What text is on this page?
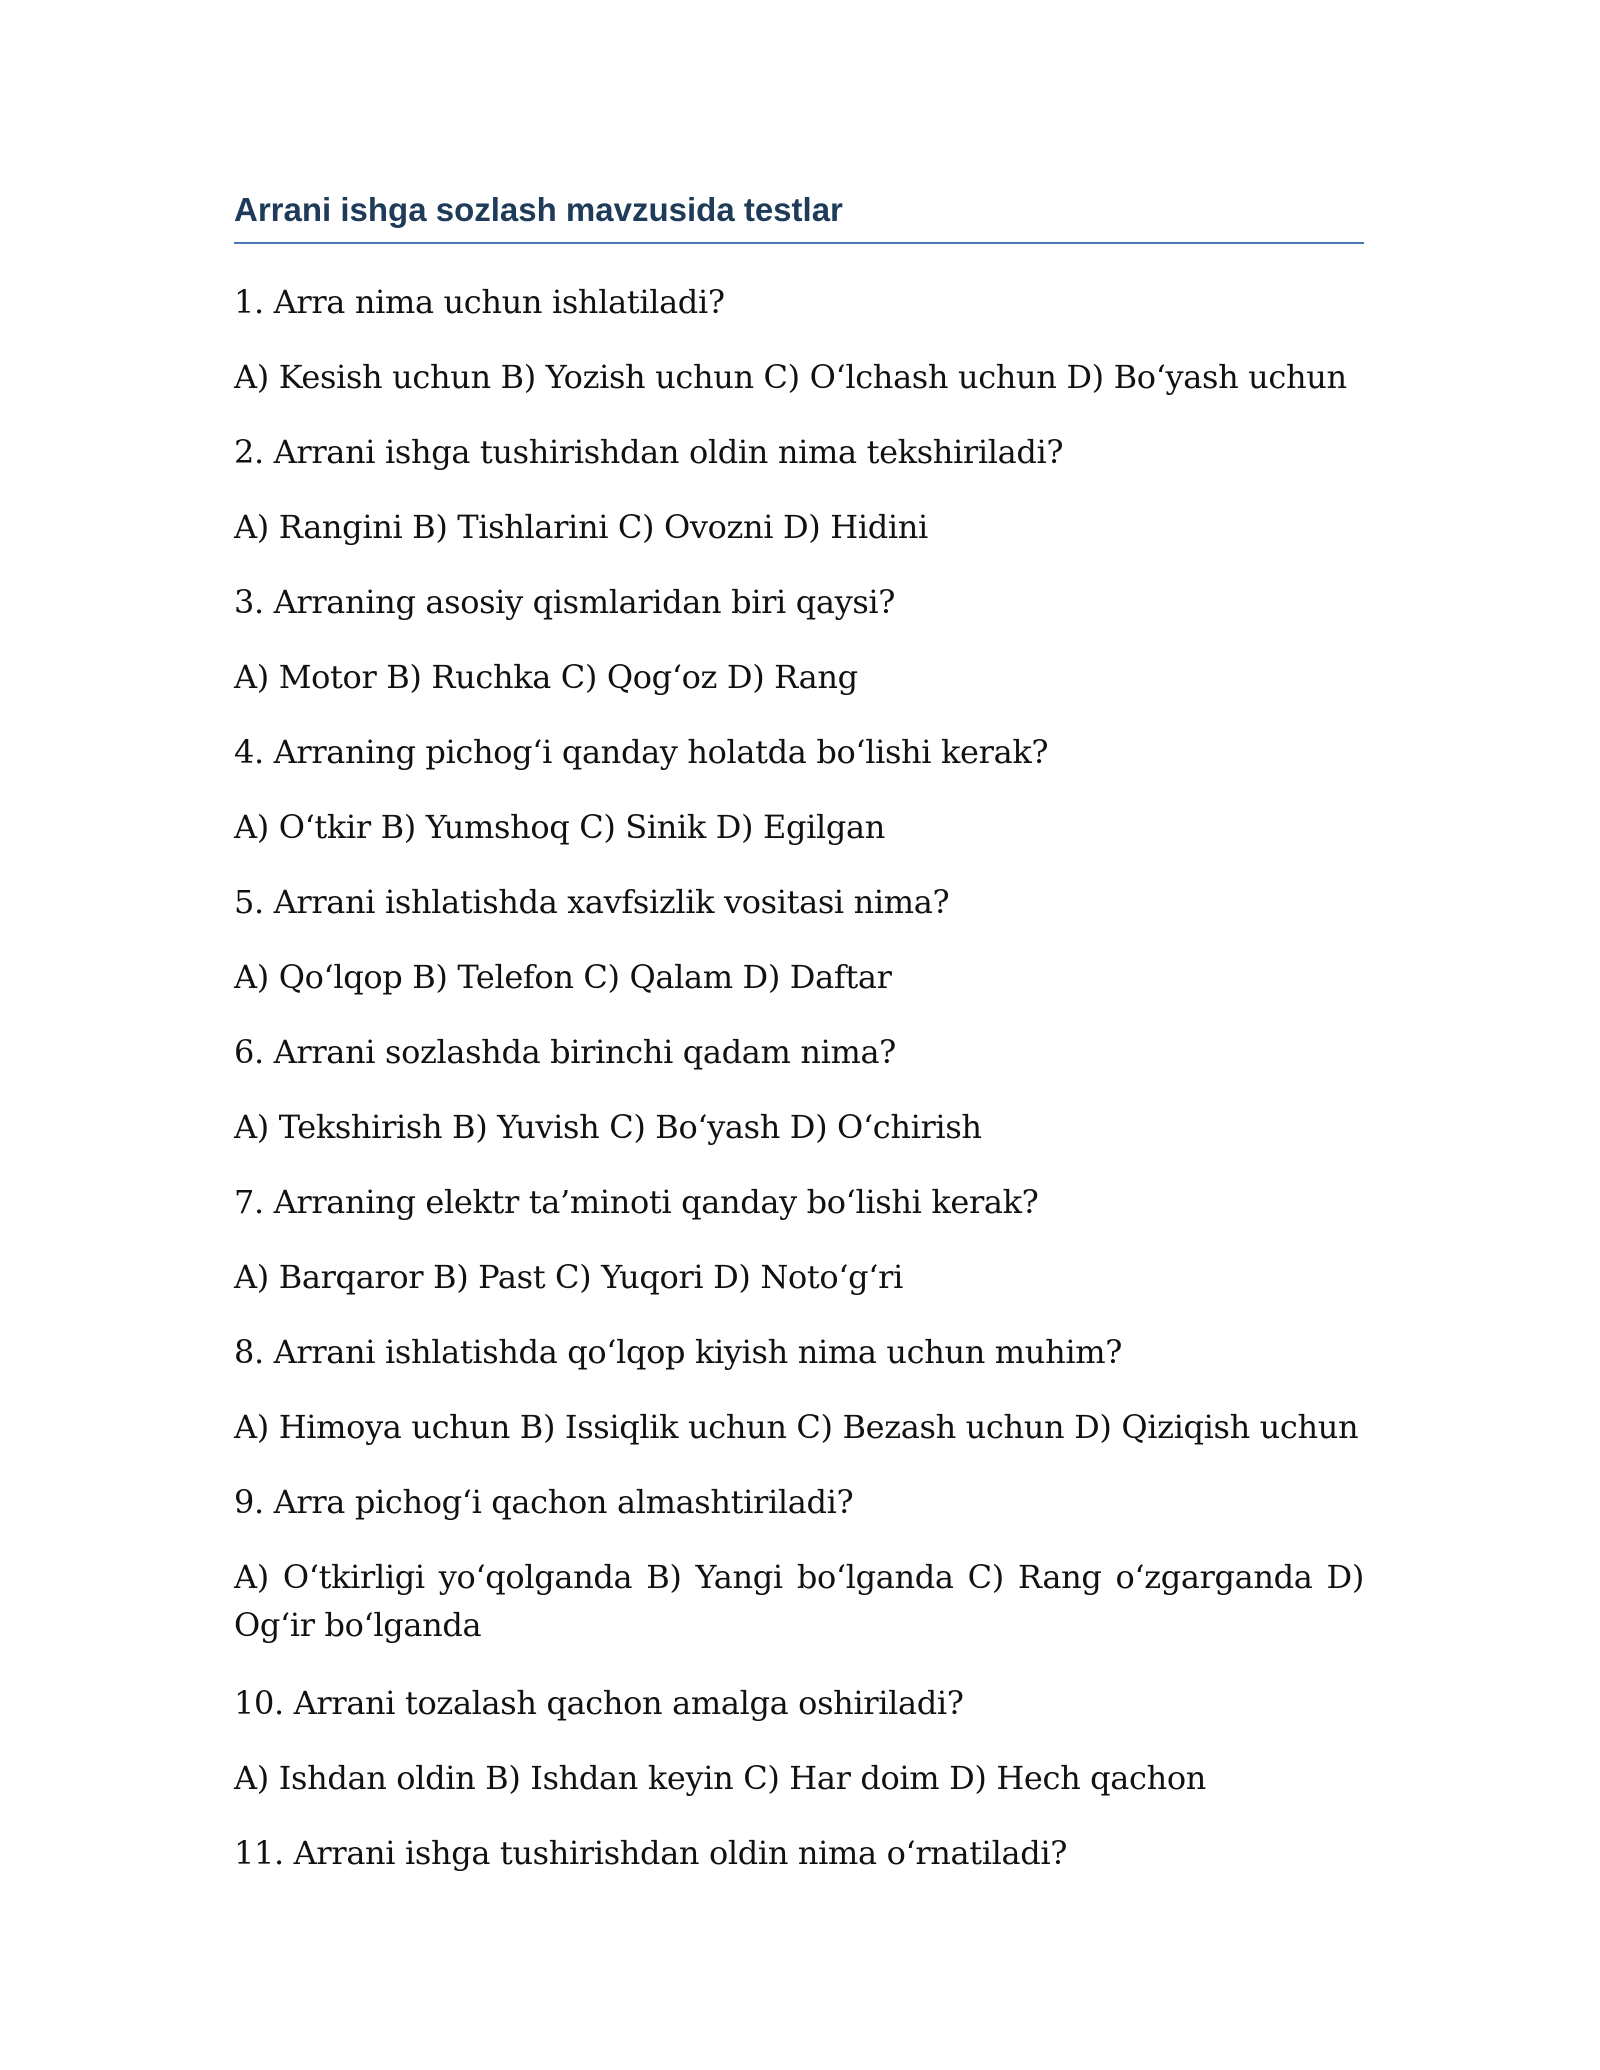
Arrani ishga sozlash mavzusida testlar

1. Arra nima uchun ishlatiladi?

A) Kesish uchun B) Yozish uchun C) O‘lchash uchun D) Bo‘yash uchun

2. Arrani ishga tushirishdan oldin nima tekshiriladi?

A) Rangini B) Tishlarini C) Ovozni D) Hidini

3. Arraning asosiy qismlaridan biri qaysi?

A) Motor B) Ruchka C) Qog‘oz D) Rang

4. Arraning pichog‘i qanday holatda bo‘lishi kerak?

A) O‘tkir B) Yumshoq C) Sinik D) Egilgan

5. Arrani ishlatishda xavfsizlik vositasi nima?

A) Qo‘lqop B) Telefon C) Qalam D) Daftar

6. Arrani sozlashda birinchi qadam nima?

A) Tekshirish B) Yuvish C) Bo‘yash D) O‘chirish

7. Arraning elektr ta’minoti qanday bo‘lishi kerak?

A) Barqaror B) Past C) Yuqori D) Noto‘g‘ri

8. Arrani ishlatishda qo‘lqop kiyish nima uchun muhim?

A) Himoya uchun B) Issiqlik uchun C) Bezash uchun D) Qiziqish uchun

9. Arra pichog‘i qachon almashtiriladi?

A) O‘tkirligi yo‘qolganda B) Yangi bo‘lganda C) Rang o‘zgarganda D) Og‘ir bo‘lganda

10. Arrani tozalash qachon amalga oshiriladi?

A) Ishdan oldin B) Ishdan keyin C) Har doim D) Hech qachon

11. Arrani ishga tushirishdan oldin nima o‘rnatiladi?
